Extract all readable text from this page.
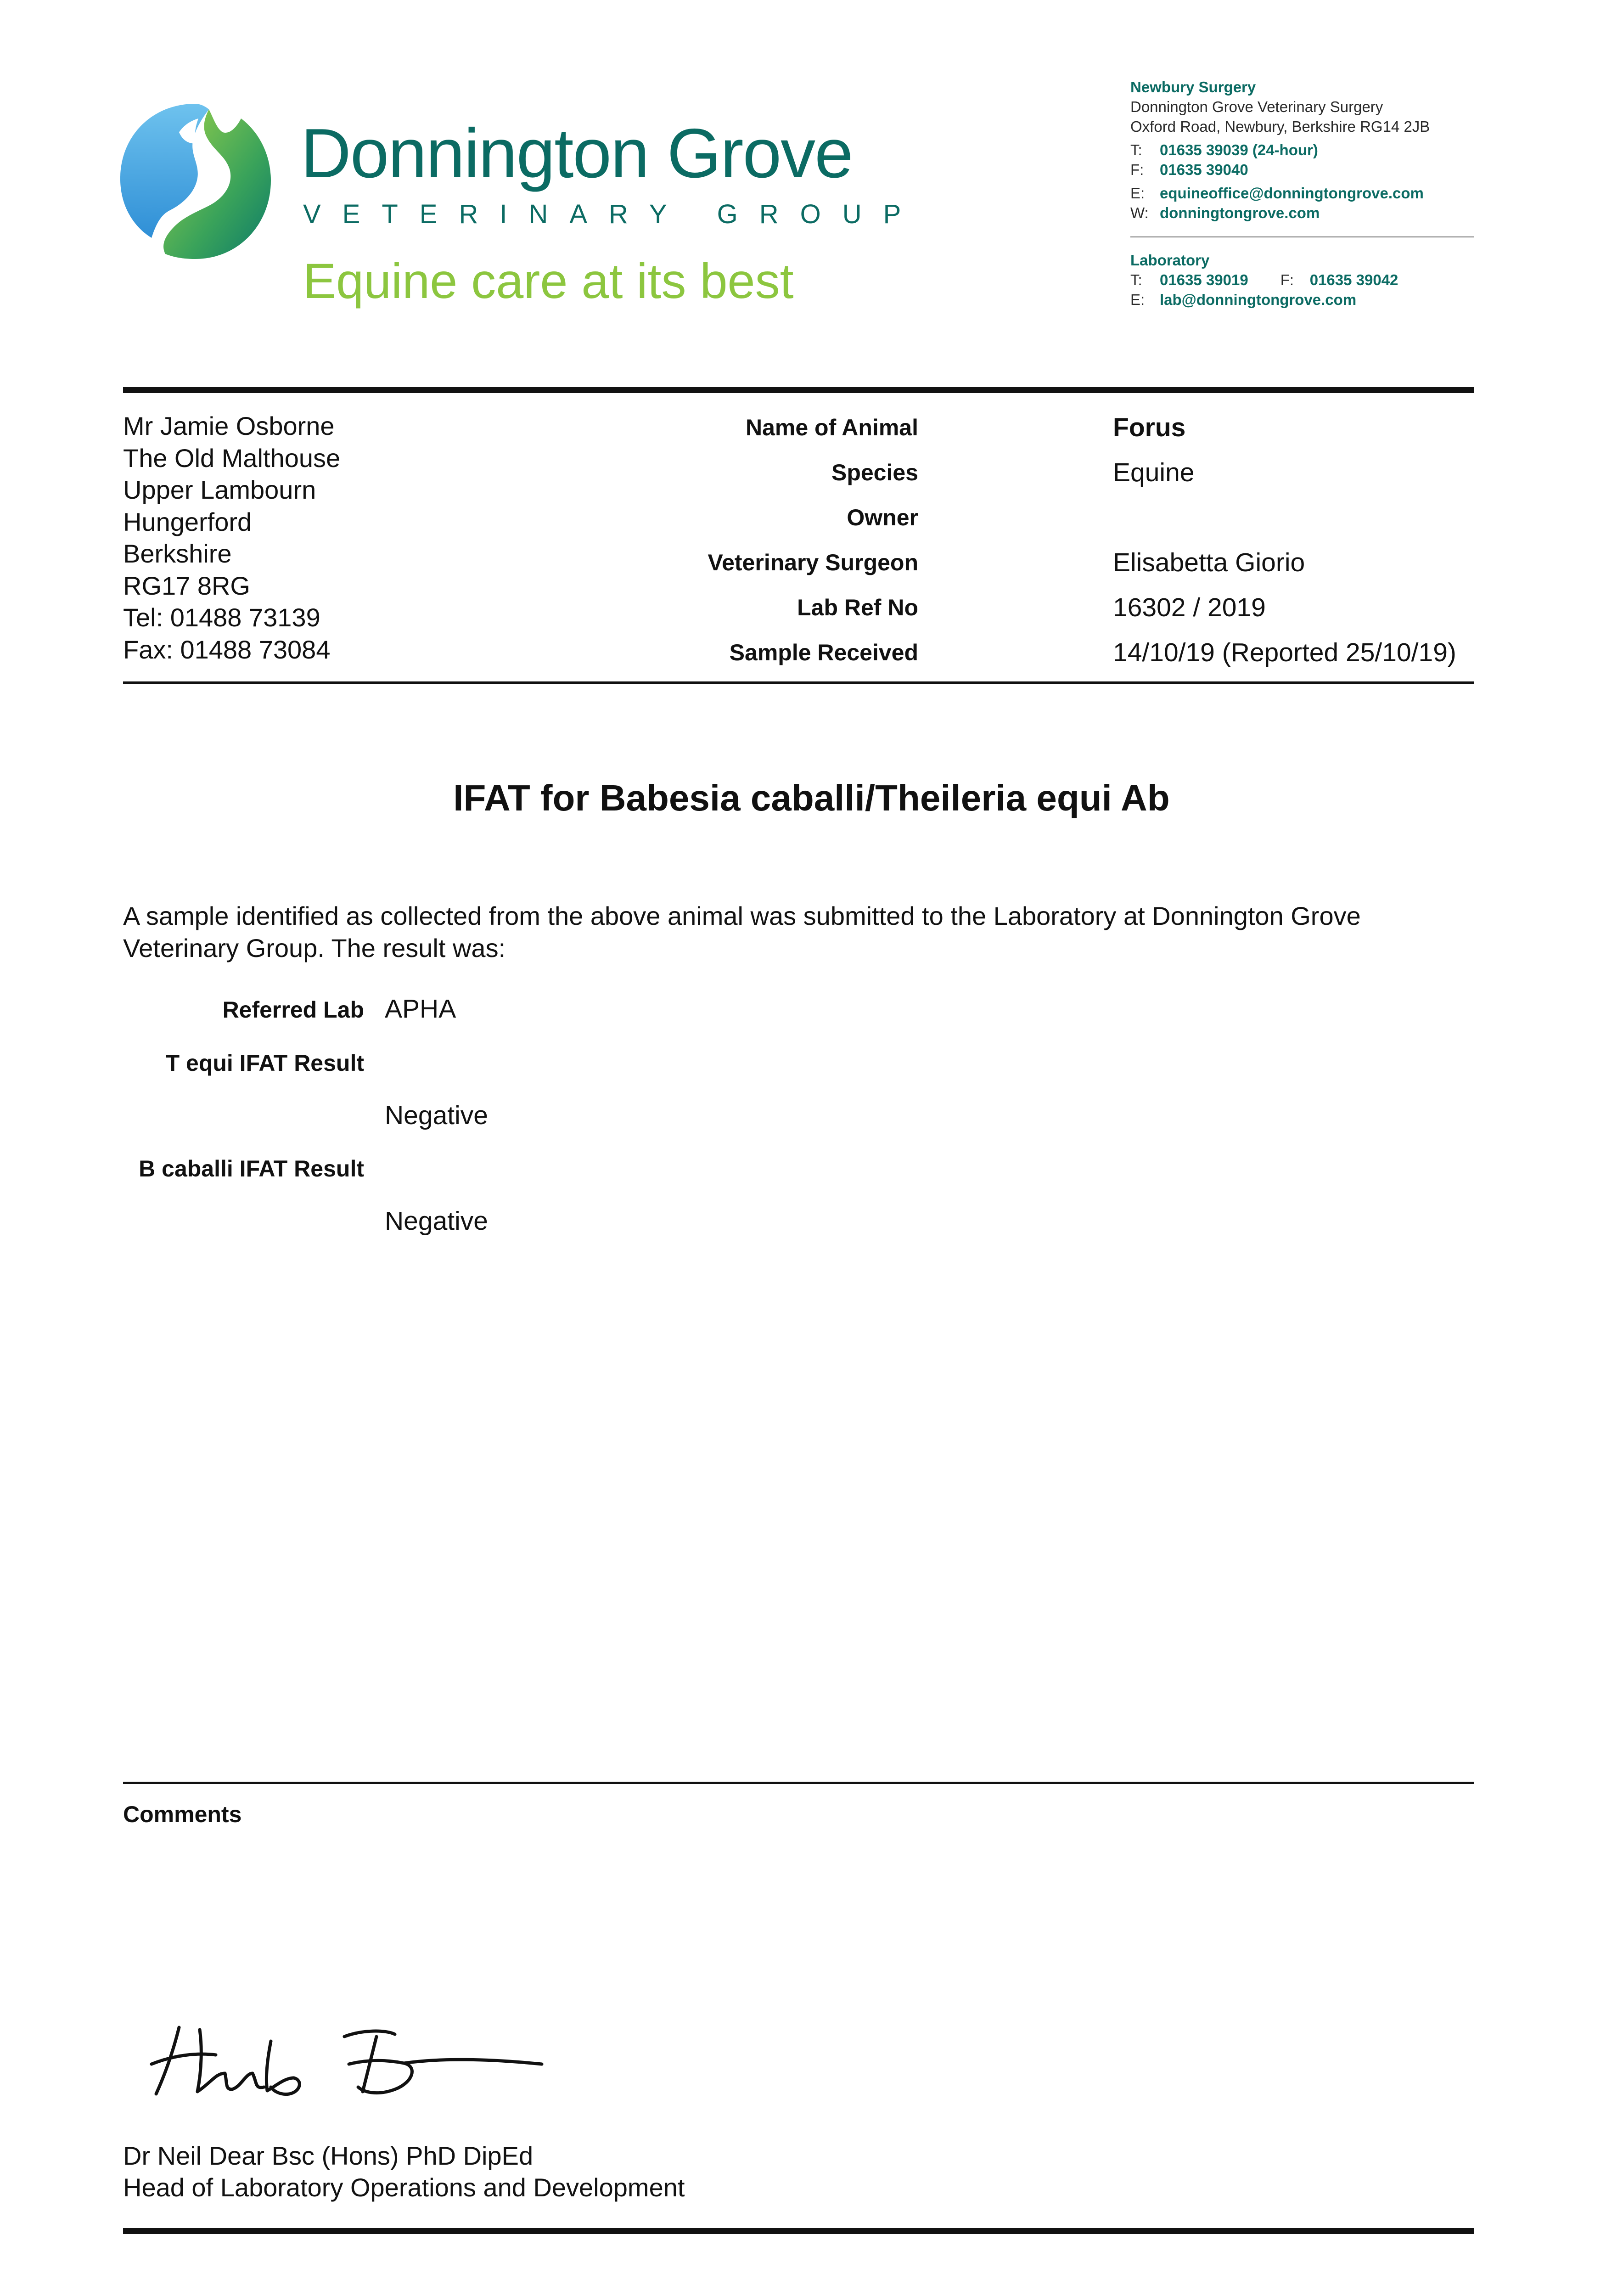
Donnington Grove
VETERINARY GROUP
Equine care at its best
Newbury Surgery
Donnington Grove Veterinary Surgery
Oxford Road, Newbury, Berkshire RG14 2JB
T: 01635 39039 (24-hour)
F: 01635 39040
E: equineoffice@donningtongrove.com
W: donningtongrove.com
Laboratory
T: 01635 39019 F: 01635 39042
E: lab@donningtongrove.com
Mr Jamie Osborne
The Old Malthouse
Upper Lambourn
Hungerford
Berkshire
RG17 8RG
Tel: 01488 73139
Fax: 01488 73084
Name of Animal	Forus
Species	Equine
Owner
Veterinary Surgeon	Elisabetta Giorio
Lab Ref No	16302 / 2019
Sample Received	14/10/19 (Reported 25/10/19)
IFAT for Babesia caballi/Theileria equi Ab
A sample identified as collected from the above animal was submitted to the Laboratory at Donnington Grove Veterinary Group. The result was:
Referred Lab APHA
T equi IFAT Result
Negative
B caballi IFAT Result
Negative
Comments
Dr Neil Dear Bsc (Hons) PhD DipEd
Head of Laboratory Operations and Development
